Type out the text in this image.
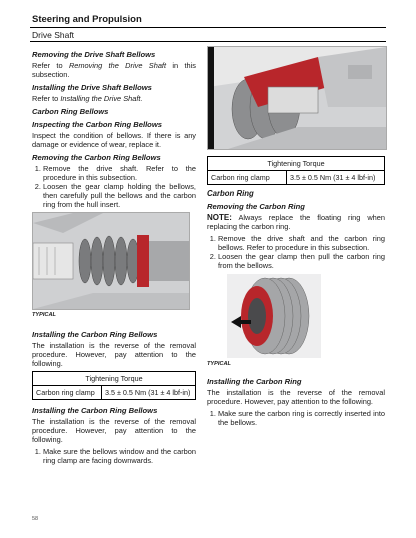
Steering and Propulsion
Drive Shaft
Removing the Drive Shaft Bellows

Refer to Removing the Drive Shaft in this subsection.

Installing the Drive Shaft Bellows

Refer to Installing the Drive Shaft.

Carbon Ring Bellows
Inspecting the Carbon Ring Bellows

Inspect the condition of bellows. If there is any damage or evidence of wear, replace it.

Removing the Carbon Ring Bellows
1. Remove the drive shaft. Refer to the procedure in this subsection.
2. Loosen the gear clamp holding the bellows, then carefully pull the bellows and the carbon ring from the hull insert.
TYPICAL
Installing the Carbon Ring Bellows

The installation is the reverse of the removal procedure. However, pay attention to the following.

Tightening Torque
Carbon ring clamp	3.5 ± 0.5 Nm (31 ± 4 lbf-in)
Installing the Carbon Ring Bellows

The installation is the reverse of the removal procedure. However, pay attention to the following.

1. Make sure the bellows window and the carbon ring clamp are facing downwards.
Tightening Torque
Carbon ring clamp	3.5 ± 0.5 Nm (31 ± 4 lbf-in)
Carbon Ring
Removing the Carbon Ring

NOTE: Always replace the floating ring when replacing the carbon ring.

1. Remove the drive shaft and the carbon ring bellows. Refer to procedure in this subsection.
2. Loosen the gear clamp then pull the carbon ring from the bellows.
TYPICAL
Installing the Carbon Ring

The installation is the reverse of the removal procedure. However, pay attention to the following.

1. Make sure the carbon ring is correctly inserted into the bellows.
58
